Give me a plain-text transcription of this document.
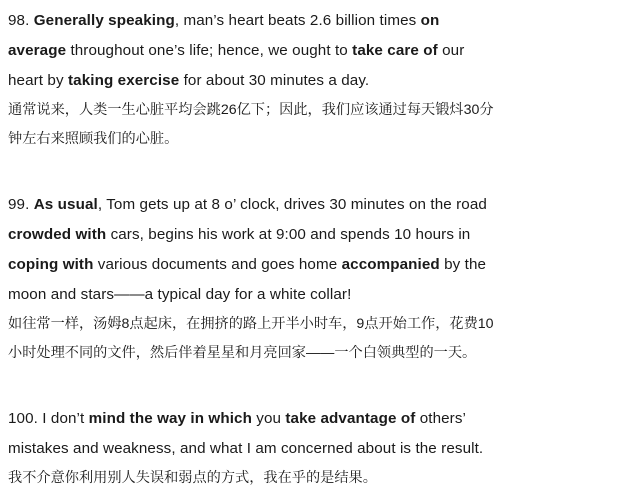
98. Generally speaking, man’s heart beats 2.6 billion times on
average throughout one’s life; hence, we ought to take care of our
heart by taking exercise for about 30 minutes a day.
通常说来，人类一生心脏平均会跳26亿下；因此，我们应该通过每天锻炓30分
钟左右来照顾我们的心脏。
99. As usual, Tom gets up at 8 o’ clock, drives 30 minutes on the road
crowded with cars, begins his work at 9:00 and spends 10 hours in
coping with various documents and goes home accompanied by the
moon and stars——a typical day for a white collar!
如往常一样，汤姆8点起床，在拥挤的路上开半小时车，9点开始工作，花费10
小时处理不同的文件，然后伴着星星和月亮回家——一个白领典型的一天。
100. I don’t mind the way in which you take advantage of others’
mistakes and weakness, and what I am concerned about is the result.
我不介意你利用别人失误和弱点的方式，我在乎的是结果。
